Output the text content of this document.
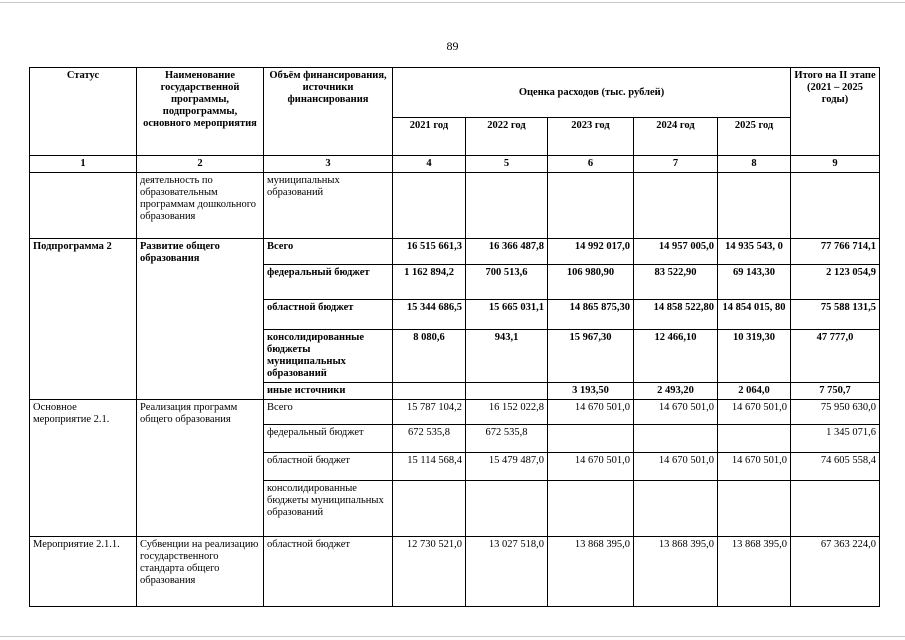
89
Статус	Наименование государственной программы, подпрограммы, основного мероприятия	Объём финансирования, источники финансирования	Оценка расходов (тыс. рублей)					Итого на II этапе (2021 – 2025 годы)
			2021 год	2022 год	2023 год	2024 год	2025 год	
1	2	3	4	5	6	7	8	9
	деятельность по образовательным программам дошкольного образования	муниципальных образований						
Подпрограмма 2	Развитие общего образования	Всего	16 515 661,3	16 366 487,8	14 992 017,0	14 957 005,0	14 935 543, 0	77 766 714,1
		федеральный бюджет	1 162 894,2	700 513,6	106 980,90	83 522,90	69 143,30	2 123 054,9
		областной бюджет	15 344 686,5	15 665 031,1	14 865 875,30	14 858 522,80	14 854 015, 80	75 588 131,5
		консолидированные бюджеты муниципальных образований	8 080,6	943,1	15 967,30	12 466,10	10 319,30	47 777,0
		иные источники			3 193,50	2 493,20	2 064,0	7 750,7
Основное мероприятие 2.1.	Реализация программ общего образования	Всего	15 787 104,2	16 152 022,8	14 670 501,0	14 670 501,0	14 670 501,0	75 950 630,0
		федеральный бюджет	672 535,8	672 535,8				1 345 071,6
		областной бюджет	15 114 568,4	15 479 487,0	14 670 501,0	14 670 501,0	14 670 501,0	74 605 558,4
		консолидированные бюджеты муниципальных образований						
Мероприятие 2.1.1.	Субвенции на реализацию государственного стандарта общего образования	областной бюджет	12 730 521,0	13 027 518,0	13 868 395,0	13 868 395,0	13 868 395,0	67 363 224,0
